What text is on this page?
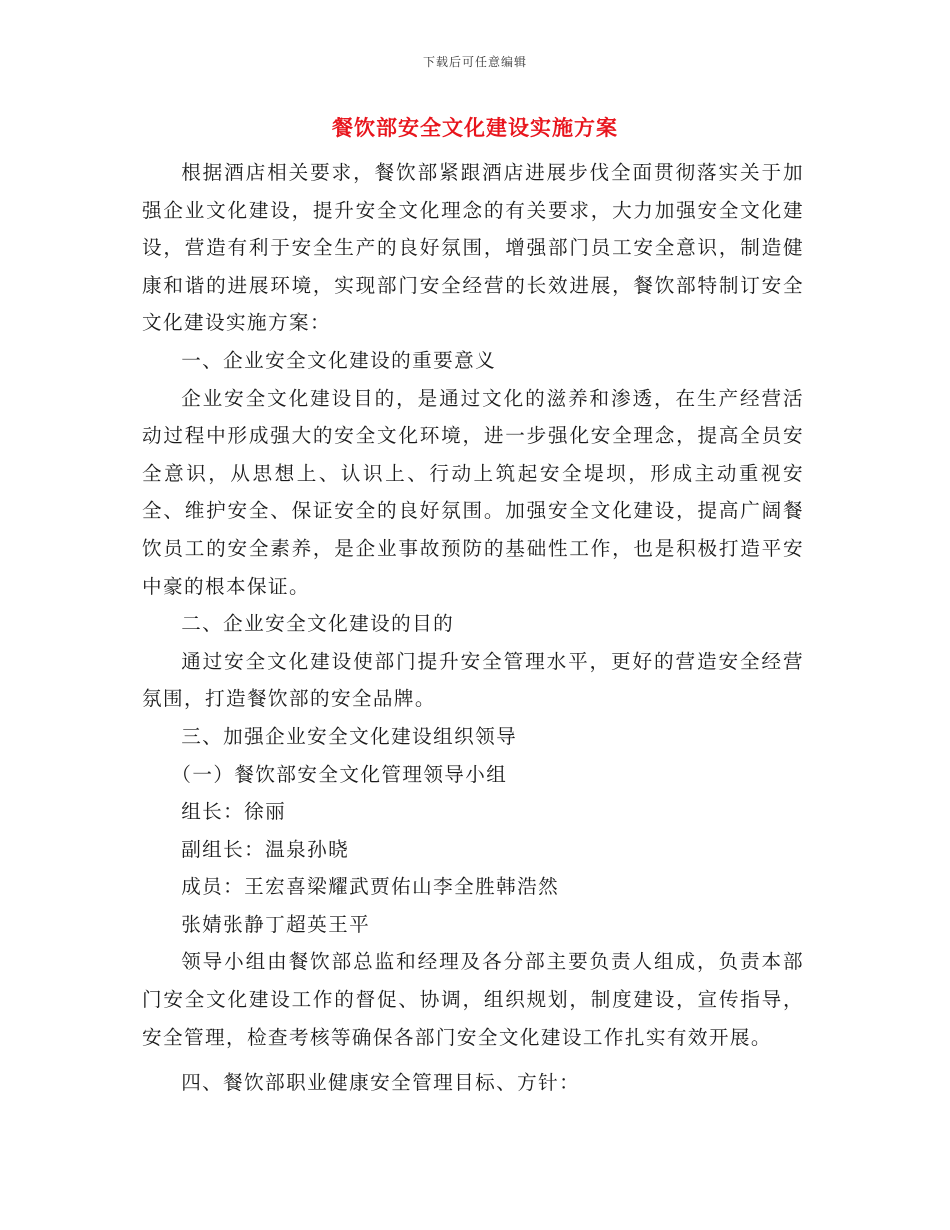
下载后可任意编辑
餐饮部安全文化建设实施方案

根据酒店相关要求，餐饮部紧跟酒店进展步伐全面贯彻落实关于加强企业文化建设，提升安全文化理念的有关要求，大力加强安全文化建设，营造有利于安全生产的良好氛围，增强部门员工安全意识，制造健康和谐的进展环境，实现部门安全经营的长效进展，餐饮部特制订安全文化建设实施方案：

一、企业安全文化建设的重要意义

企业安全文化建设目的，是通过文化的滋养和渗透，在生产经营活动过程中形成强大的安全文化环境，进一步强化安全理念，提高全员安全意识，从思想上、认识上、行动上筑起安全堤坝，形成主动重视安全、维护安全、保证安全的良好氛围。加强安全文化建设，提高广阔餐饮员工的安全素养，是企业事故预防的基础性工作，也是积极打造平安中豪的根本保证。

二、企业安全文化建设的目的

通过安全文化建设使部门提升安全管理水平，更好的营造安全经营氛围，打造餐饮部的安全品牌。

三、加强企业安全文化建设组织领导

（一）餐饮部安全文化管理领导小组

组长：徐丽

副组长：温泉孙晓

成员：王宏喜梁耀武贾佑山李全胜韩浩然

张婧张静丁超英王平

领导小组由餐饮部总监和经理及各分部主要负责人组成，负责本部门安全文化建设工作的督促、协调，组织规划，制度建设，宣传指导，安全管理，检查考核等确保各部门安全文化建设工作扎实有效开展。

四、餐饮部职业健康安全管理目标、方针：
